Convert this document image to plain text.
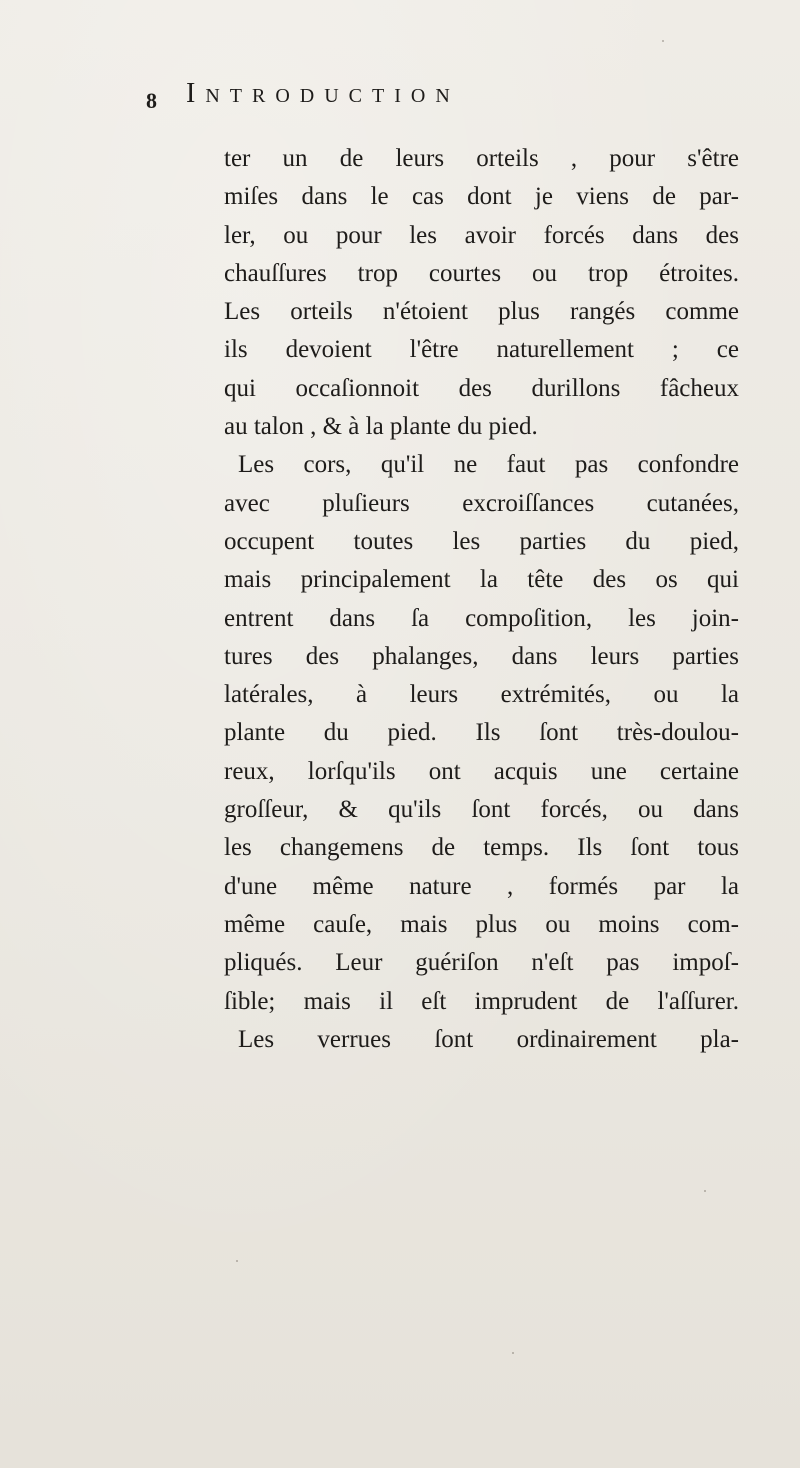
8 Introduction
ter un de leurs orteils , pour s'être
miſes dans le cas dont je viens de par-
ler, ou pour les avoir forcés dans des
chauſſures trop courtes ou trop étroites.
Les orteils n'étoient plus rangés comme
ils devoient l'être naturellement ; ce
qui occaſionnoit des durillons fâcheux
au talon , & à la plante du pied.
Les cors, qu'il ne faut pas confondre
avec pluſieurs excroiſſances cutanées,
occupent toutes les parties du pied,
mais principalement la tête des os qui
entrent dans ſa compoſition, les join-
tures des phalanges, dans leurs parties
latérales, à leurs extrémités, ou la
plante du pied. Ils ſont très-doulou-
reux, lorſqu'ils ont acquis une certaine
groſſeur, & qu'ils ſont forcés, ou dans
les changemens de temps. Ils ſont tous
d'une même nature , formés par la
même cauſe, mais plus ou moins com-
pliqués. Leur guériſon n'eſt pas impoſ-
ſible; mais il eſt imprudent de l'aſſurer.
Les verrues ſont ordinairement pla-
